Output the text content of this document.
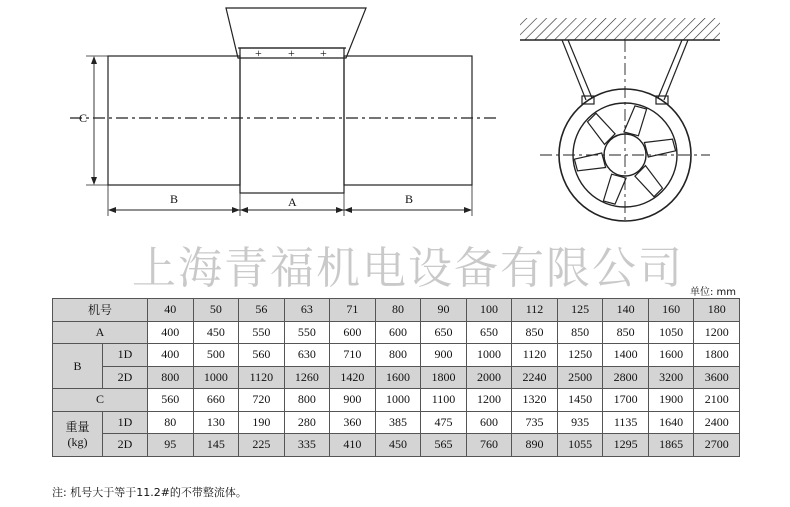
C
B	A	B
+ + +
上海青福机电设备有限公司 单位: mm
机号		40	50	56	63	71	80	90	100	112	125	140	160	180
A		400	450	550	550	600	600	650	650	850	850	850	1050	1200
B	1D	400	500	560	630	710	800	900	1000	1120	1250	1400	1600	1800
	2D	800	1000	1120	1260	1420	1600	1800	2000	2240	2500	2800	3200	3600
C		560	660	720	800	900	1000	1100	1200	1320	1450	1700	1900	2100

重量
(kg)	1D	80	130	190	280	360	385	475	600	735	935	1135	1640	2400
	2D	95	145	225	335	410	450	565	760	890	1055	1295	1865	2700
注: 机号大于等于11.2#的不带整流体。
